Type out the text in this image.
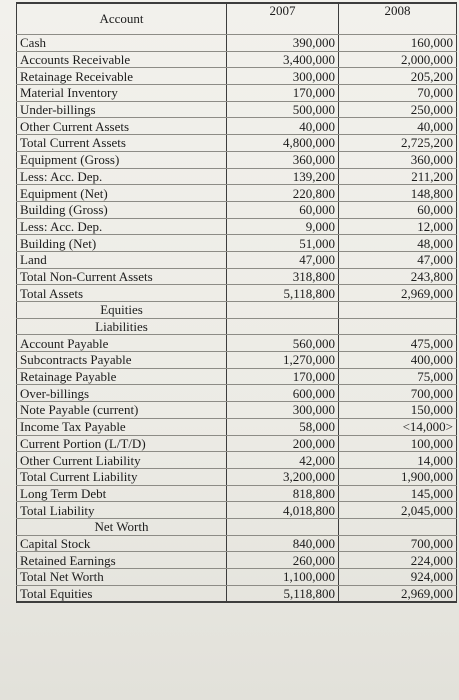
Account	2007	2008
Cash	390,000	160,000
Accounts Receivable	3,400,000	2,000,000
Retainage Receivable	300,000	205,200
Material Inventory	170,000	70,000
Under-billings	500,000	250,000
Other Current Assets	40,000	40,000
Total Current Assets	4,800,000	2,725,200
Equipment (Gross)	360,000	360,000
Less: Acc. Dep.	139,200	211,200
Equipment (Net)	220,800	148,800
Building (Gross)	60,000	60,000
Less: Acc. Dep.	9,000	12,000
Building (Net)	51,000	48,000
Land	47,000	47,000
Total Non-Current Assets	318,800	243,800
Total Assets	5,118,800	2,969,000
Equities		
Liabilities		
Account Payable	560,000	475,000
Subcontracts Payable	1,270,000	400,000
Retainage Payable	170,000	75,000
Over-billings	600,000	700,000
Note Payable (current)	300,000	150,000
Income Tax Payable	58,000	<14,000>
Current Portion (L/T/D)	200,000	100,000
Other Current Liability	42,000	14,000
Total Current Liability	3,200,000	1,900,000
Long Term Debt	818,800	145,000
Total Liability	4,018,800	2,045,000
Net Worth		
Capital Stock	840,000	700,000
Retained Earnings	260,000	224,000
Total Net Worth	1,100,000	924,000
Total Equities	5,118,800	2,969,000
